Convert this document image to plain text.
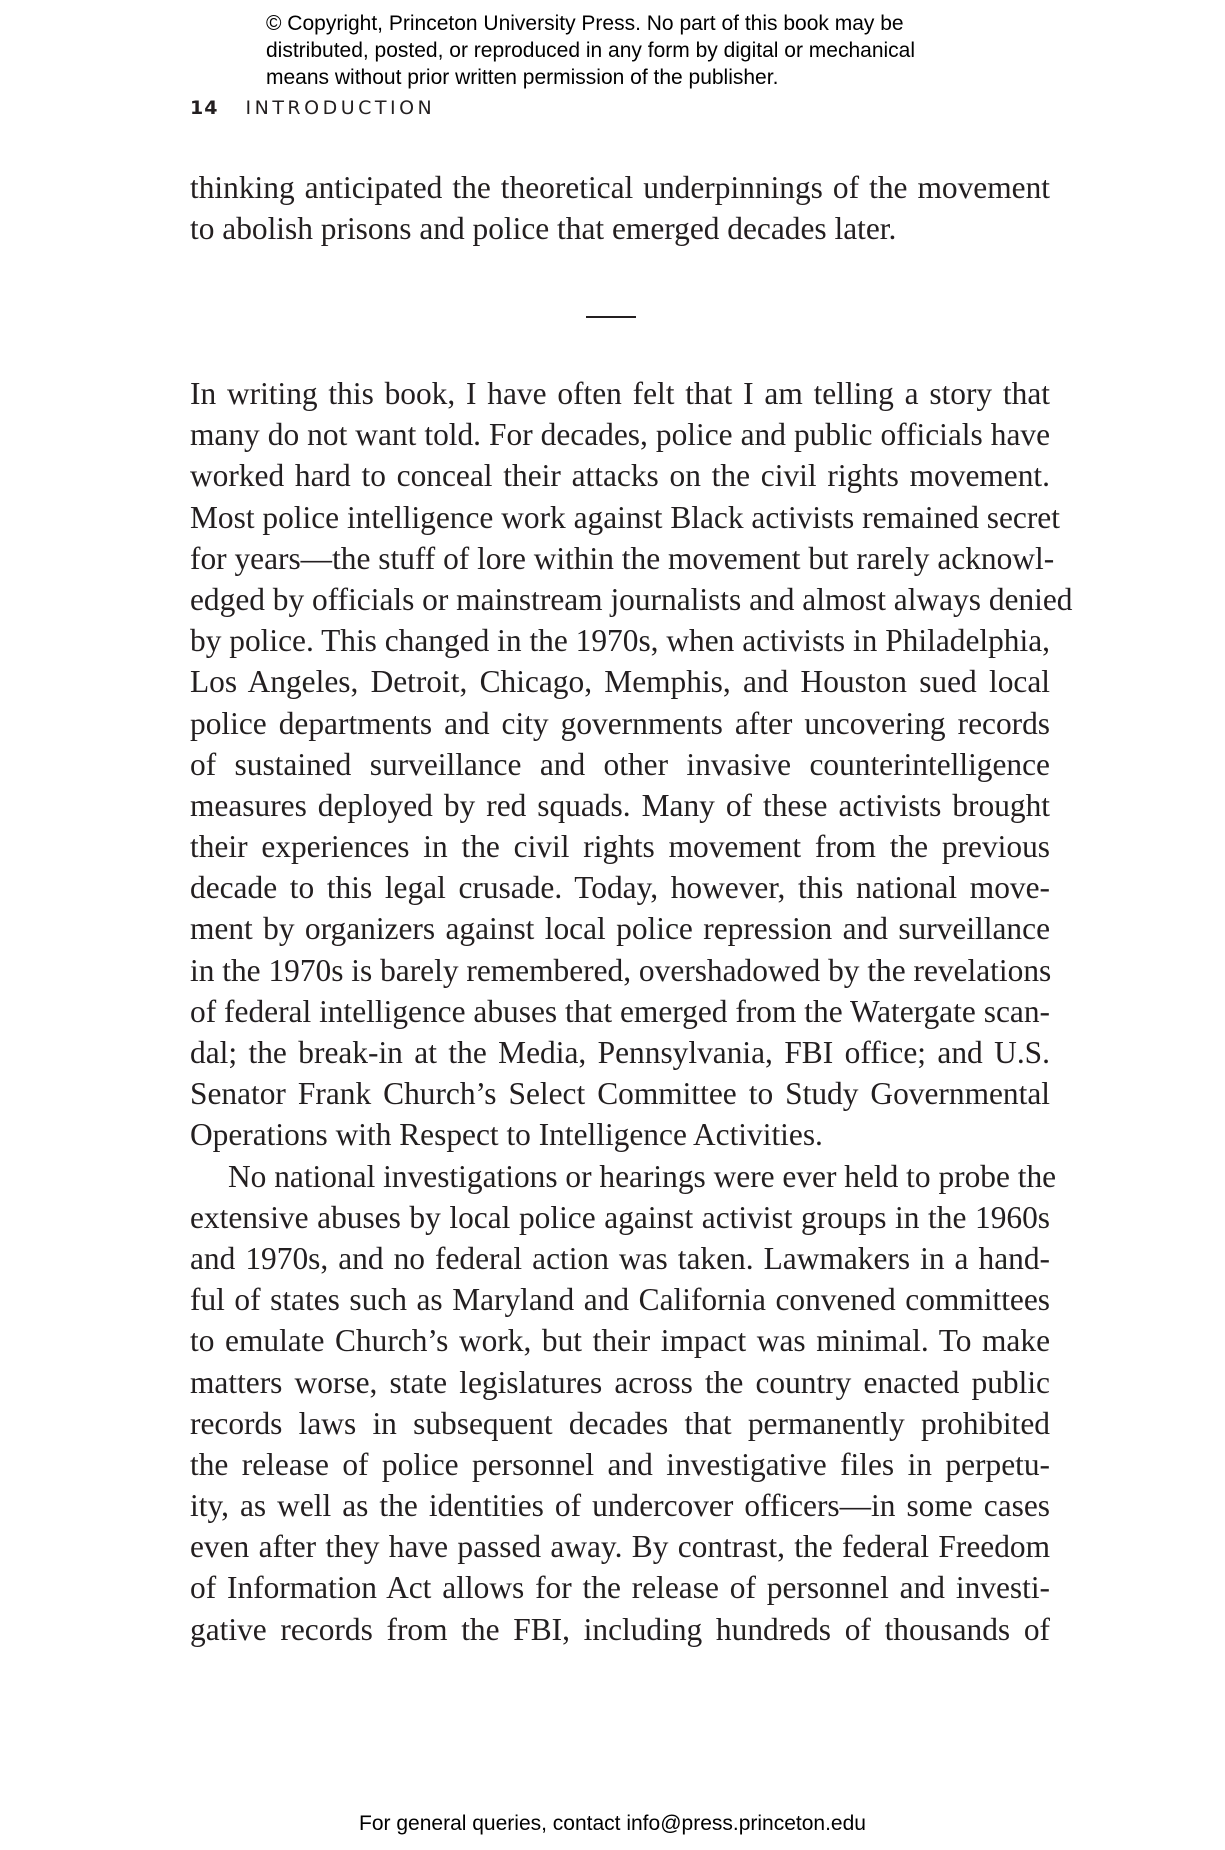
© Copyright, Princeton University Press. No part of this book may be
distributed, posted, or reproduced in any form by digital or mechanical
means without prior written permission of the publisher.
14 INTRODUCTION
thinking anticipated the theoretical underpinnings of the movement
to abolish prisons and police that emerged decades later.
In writing this book, I have often felt that I am telling a story that
many do not want told. For decades, police and public officials have
worked hard to conceal their attacks on the civil rights movement.
Most police intelligence work against Black activists remained secret
for years—the stuff of lore within the movement but rarely acknowl-
edged by officials or mainstream journalists and almost always denied
by police. This changed in the 1970s, when activists in Philadelphia,
Los Angeles, Detroit, Chicago, Memphis, and Houston sued local
police departments and city governments after uncovering records
of sustained surveillance and other invasive counterintelligence
measures deployed by red squads. Many of these activists brought
their experiences in the civil rights movement from the previous
decade to this legal crusade. Today, however, this national move-
ment by organizers against local police repression and surveillance
in the 1970s is barely remembered, overshadowed by the revelations
of federal intelligence abuses that emerged from the Watergate scan-
dal; the break-in at the Media, Pennsylvania, FBI office; and U.S.
Senator Frank Church’s Select Committee to Study Governmental
Operations with Respect to Intelligence Activities.
No national investigations or hearings were ever held to probe the
extensive abuses by local police against activist groups in the 1960s
and 1970s, and no federal action was taken. Lawmakers in a hand-
ful of states such as Maryland and California convened committees
to emulate Church’s work, but their impact was minimal. To make
matters worse, state legislatures across the country enacted public
records laws in subsequent decades that permanently prohibited
the release of police personnel and investigative files in perpetu-
ity, as well as the identities of undercover officers—in some cases
even after they have passed away. By contrast, the federal Freedom
of Information Act allows for the release of personnel and investi-
gative records from the FBI, including hundreds of thousands of
For general queries, contact info@press.princeton.edu
